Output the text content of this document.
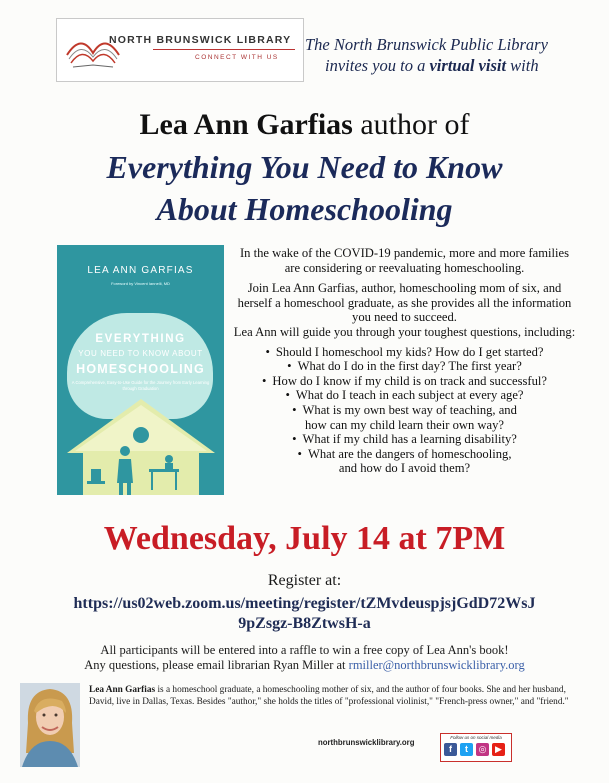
NORTH BRUNSWICK LIBRARY
CONNECT WITH US
The North Brunswick Public Library
invites you to a virtual visit with
Lea Ann Garfias author of
Everything You Need to Know
About Homeschooling
LEA ANN GARFIAS
Foreword by Vincent Iannelli, MD
EVERYTHING
YOU NEED TO KNOW ABOUT
HOMESCHOOLING
A Comprehensive, Easy-to-Use Guide for the Journey from Early Learning through Graduation

In the wake of the COVID-19 pandemic, more and more families are considering or reevaluating homeschooling.

Join Lea Ann Garfias, author, homeschooling mom of six, and herself a homeschool graduate, as she provides all the information you need to succeed.

Lea Ann will guide you through your toughest questions, including:

• Should I homeschool my kids? How do I get started?
• What do I do in the first day? The first year?
• How do I know if my child is on track and successful?
• What do I teach in each subject at every age?
• What is my own best way of teaching, and how can my child learn their own way?
• What if my child has a learning disability?
• What are the dangers of homeschooling, and how do I avoid them?
Wednesday, July 14 at 7PM
Register at:
https://us02web.zoom.us/meeting/register/tZMvdeuspjsjGdD72WsJ
9pZsgz-B8ZtwsH-a
All participants will be entered into a raffle to win a free copy of Lea Ann's book!
Any questions, please email librarian Ryan Miller at rmiller@northbrunswicklibrary.org
Lea Ann Garfias is a homeschool graduate, a homeschooling mother of six, and the author of four books. She and her husband, David, live in Dallas, Texas. Besides "author," she holds the titles of "professional violinist," "French-press owner," and "friend."
northbrunswicklibrary.org
Follow us on social media
f	t	◎ ▶
